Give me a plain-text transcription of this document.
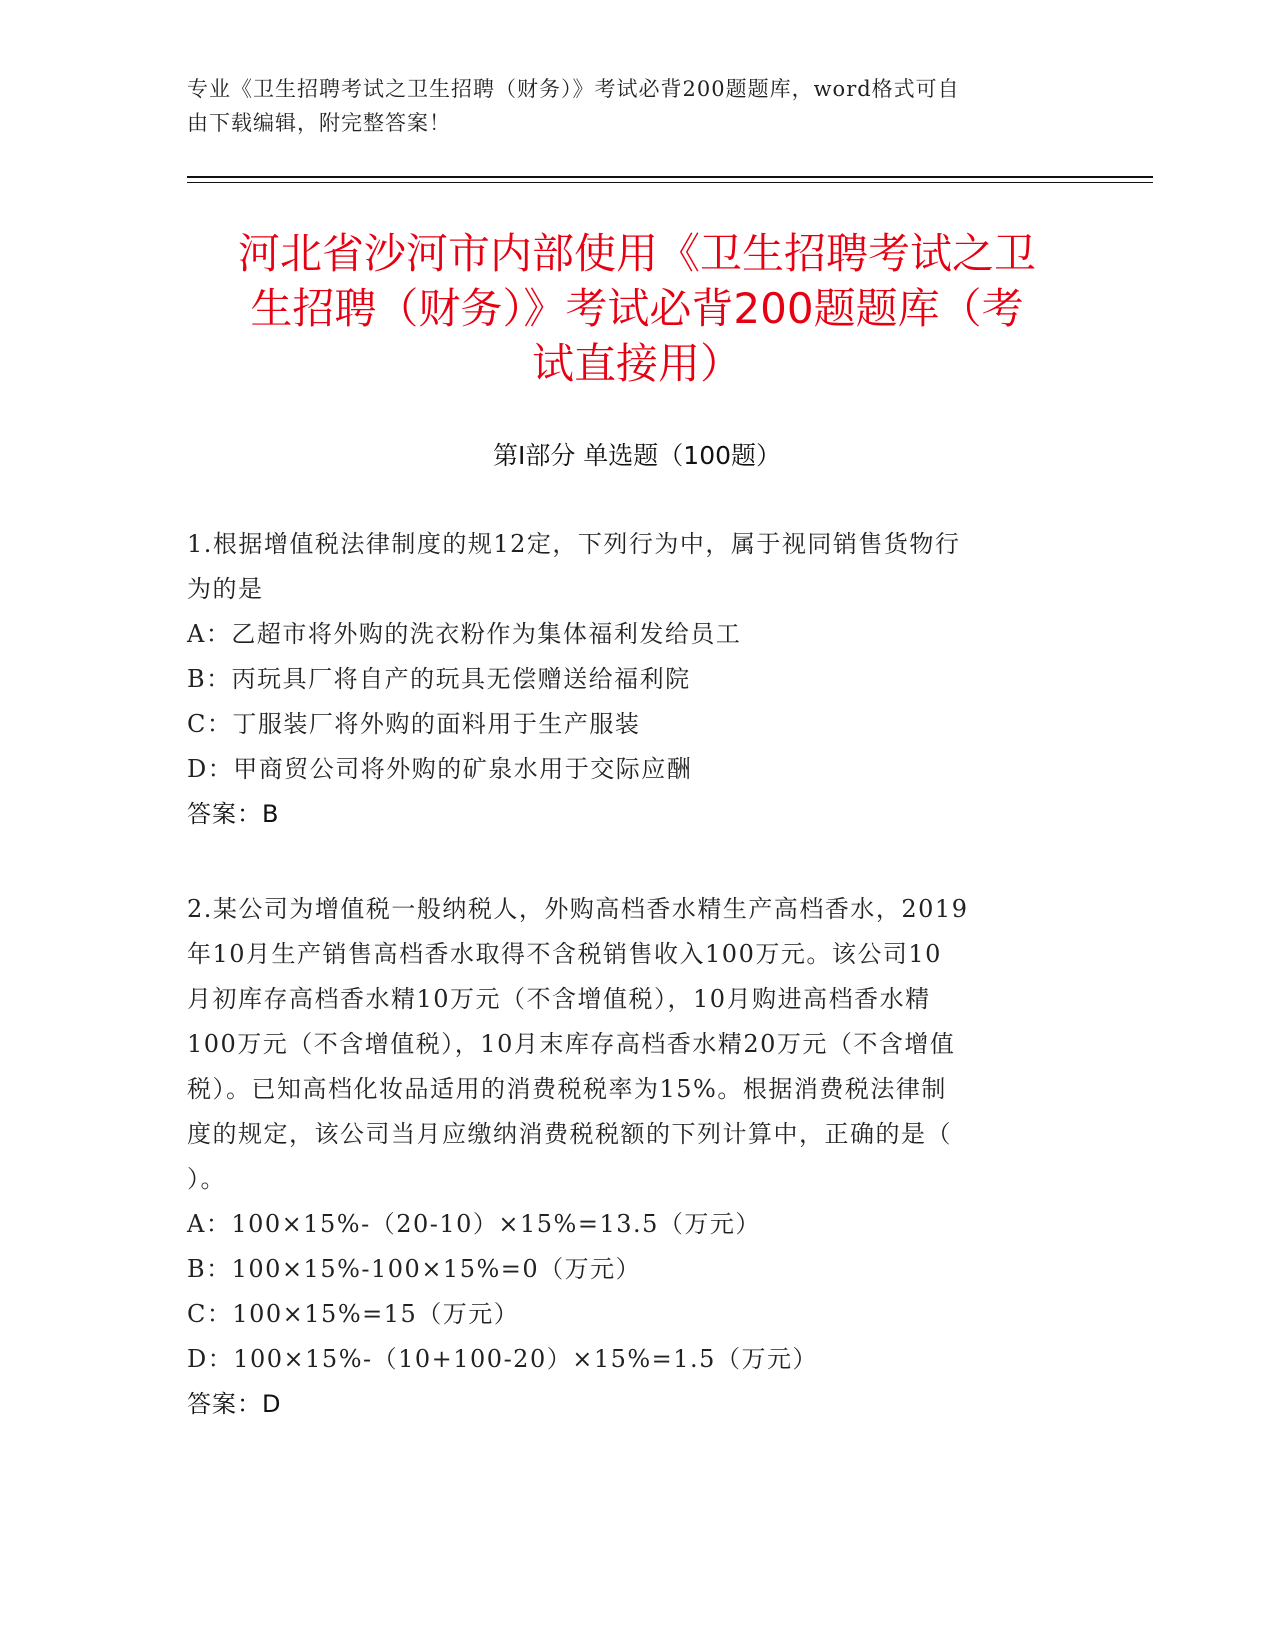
专业《卫生招聘考试之卫生招聘（财务）》考试必背200题题库，word格式可自
由下载编辑，附完整答案！
河北省沙河市内部使用《卫生招聘考试之卫
生招聘（财务）》考试必背200题题库（考
试直接用）
第I部分 单选题（100题）
1.根据增值税法律制度的规12定，下列行为中，属于视同销售货物行
为的是
A：乙超市将外购的洗衣粉作为集体福利发给员工
B：丙玩具厂将自产的玩具无偿赠送给福利院
C：丁服装厂将外购的面料用于生产服装
D：甲商贸公司将外购的矿泉水用于交际应酬
答案：B
2.某公司为增值税一般纳税人，外购高档香水精生产高档香水，2019
年10月生产销售高档香水取得不含税销售收入100万元。该公司10
月初库存高档香水精10万元（不含增值税），10月购进高档香水精
100万元（不含增值税），10月末库存高档香水精20万元（不含增值
税）。已知高档化妆品适用的消费税税率为15%。根据消费税法律制
度的规定，该公司当月应缴纳消费税税额的下列计算中，正确的是（
）。
A：100×15%-（20-10）×15%=13.5（万元）
B：100×15%-100×15%=0（万元）
C：100×15%=15（万元）
D：100×15%-（10+100-20）×15%=1.5（万元）
答案：D
